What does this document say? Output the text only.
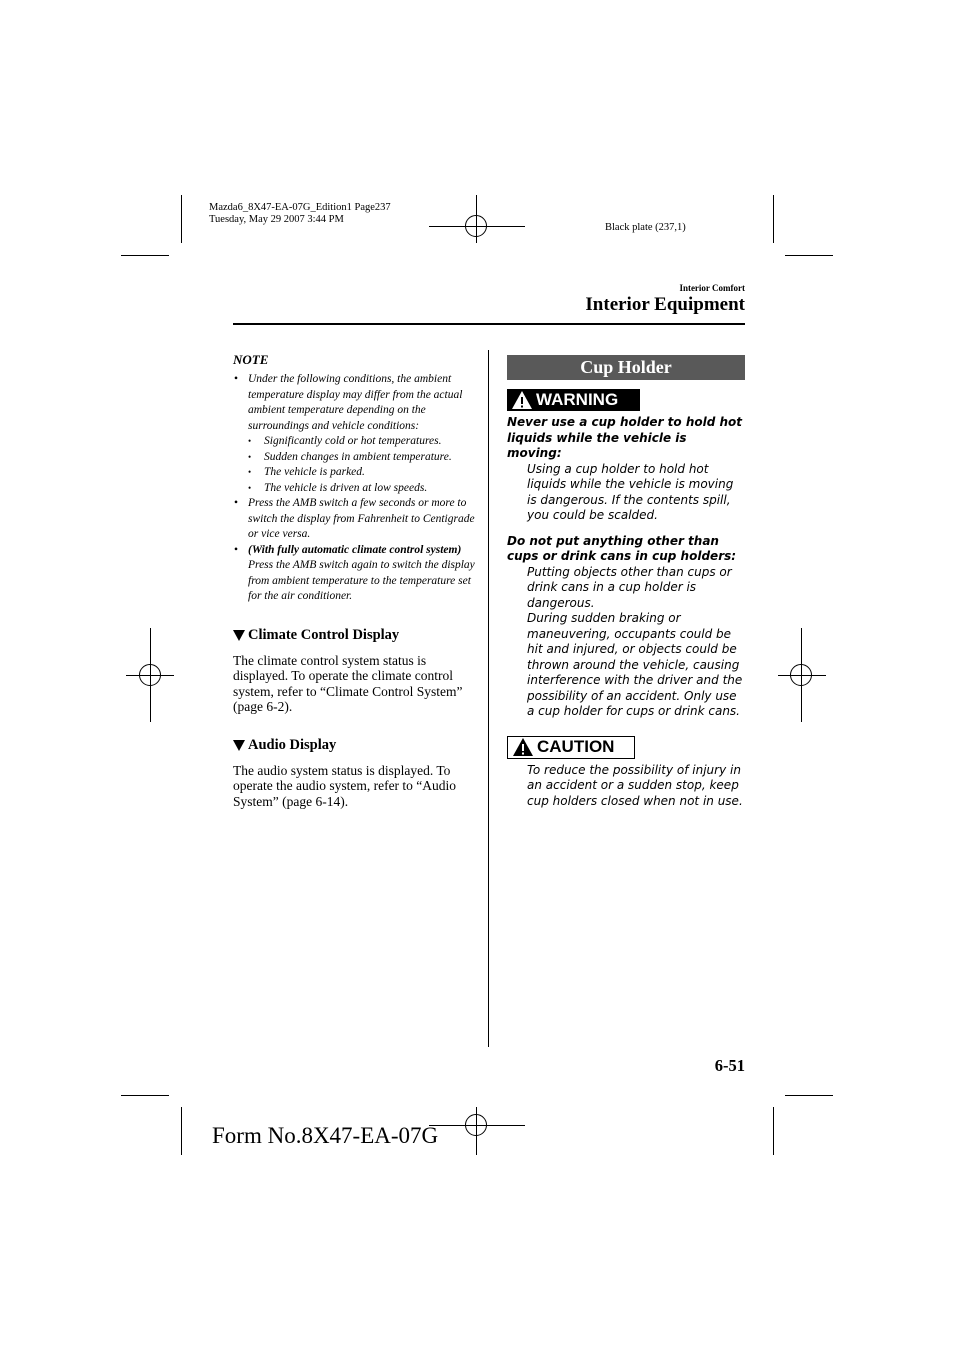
Mazda6_8X47-EA-07G_Edition1 Page237
Tuesday, May 29 2007 3:44 PM
Black plate (237,1)
Interior Comfort
Interior Equipment
NOTE
• Under the following conditions, the ambient temperature display may differ from the actual ambient temperature depending on the surroundings and vehicle conditions:
• Significantly cold or hot temperatures.
• Sudden changes in ambient temperature.
• The vehicle is parked.
• The vehicle is driven at low speeds.
• Press the AMB switch a few seconds or more to switch the display from Fahrenheit to Centigrade or vice versa.
• (With fully automatic climate control system)
Press the AMB switch again to switch the display from ambient temperature to the temperature set for the air conditioner.
Climate Control Display
The climate control system status is displayed. To operate the climate control system, refer to “Climate Control System” (page 6-2).
Audio Display
The audio system status is displayed. To operate the audio system, refer to “Audio System” (page 6-14).
Cup Holder
WARNING
Never use a cup holder to hold hot liquids while the vehicle is moving:
Using a cup holder to hold hot liquids while the vehicle is moving is dangerous. If the contents spill, you could be scalded.
Do not put anything other than cups or drink cans in cup holders:
Putting objects other than cups or drink cans in a cup holder is dangerous.
During sudden braking or maneuvering, occupants could be hit and injured, or objects could be thrown around the vehicle, causing interference with the driver and the possibility of an accident. Only use a cup holder for cups or drink cans.
CAUTION
To reduce the possibility of injury in an accident or a sudden stop, keep cup holders closed when not in use.
6-51
Form No.8X47-EA-07G
